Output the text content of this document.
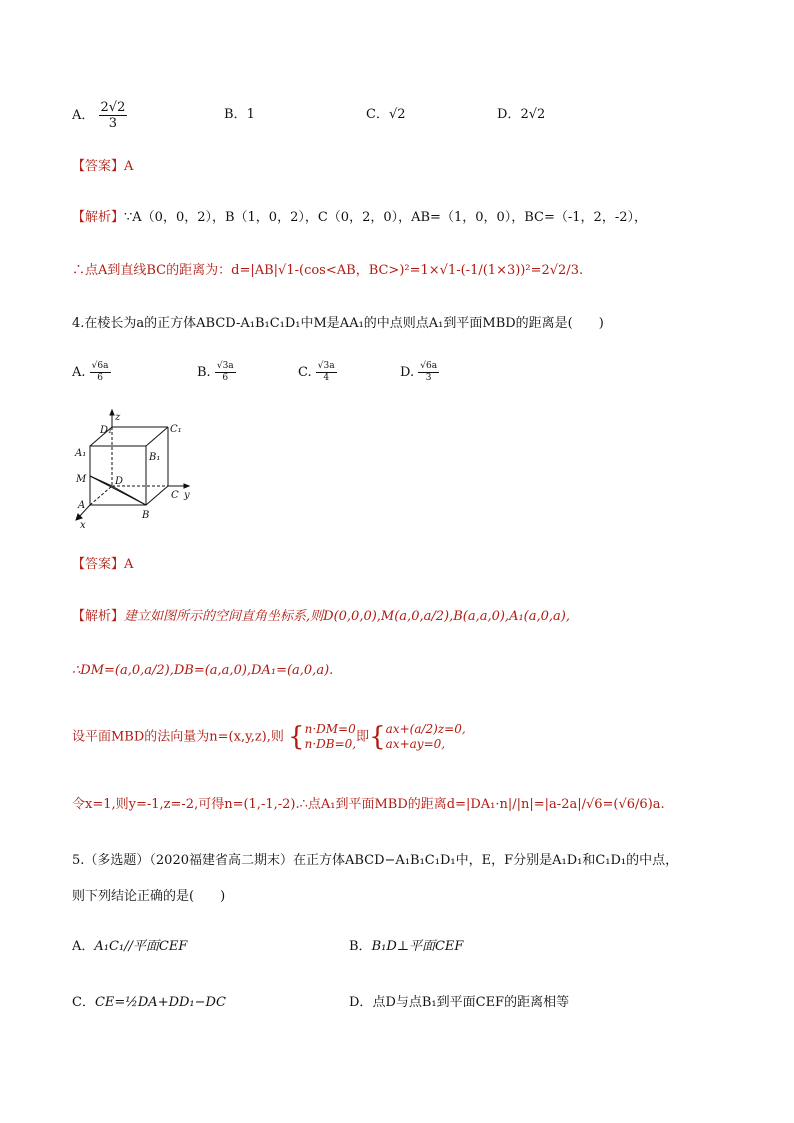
A． $\frac{2√2}{3}$	B．1	C．√2	D．2√2
【答案】A
【解析】∵A（0，0，2），B（1，0，2），C（0，2，0），AB=（1，0，0），BC=（-1，2，-2），
∴点A到直线BC的距离为：d=|AB|√1-(cos<AB，BC>)²=1×√1-(-1/(1×3))²=2√2/3.
4.在棱长为a的正方体ABCD-A₁B₁C₁D₁中M是AA₁的中点则点A₁到平面MBD的距离是(　　)
A. $\frac{√6a}{6}$	B. $\frac{√3a}{6}$	C. $\frac{√3a}{4}$	D. $\frac{√6a}{3}$
z
D₁	C₁
A₁	B₁
M	D
C y
A
B
x
【答案】A
【解析】建立如图所示的空间直角坐标系,则D(0,0,0),M(a,0,a/2),B(a,a,0),A₁(a,0,a),
∴DM=(a,0,a/2),DB=(a,a,0),DA₁=(a,0,a).
设平面MBD的法向量为n=(x,y,z),则 {n·DM=0
n·DB=0,即{ax+(a/2)z=0,
ax+ay=0,
令x=1,则y=-1,z=-2,可得n=(1,-1,-2).∴点A₁到平面MBD的距离d=|DA₁·n|/|n|=|a-2a|/√6=(√6/6)a.
5.（多选题）（2020福建省高二期末）在正方体ABCD−A₁B₁C₁D₁中，E，F分别是A₁D₁和C₁D₁的中点，
则下列结论正确的是(　　)
A．A₁C₁//平面CEF	B．B₁D⊥平面CEF
C．CE=½DA+DD₁−DC	D．点D与点B₁到平面CEF的距离相等
